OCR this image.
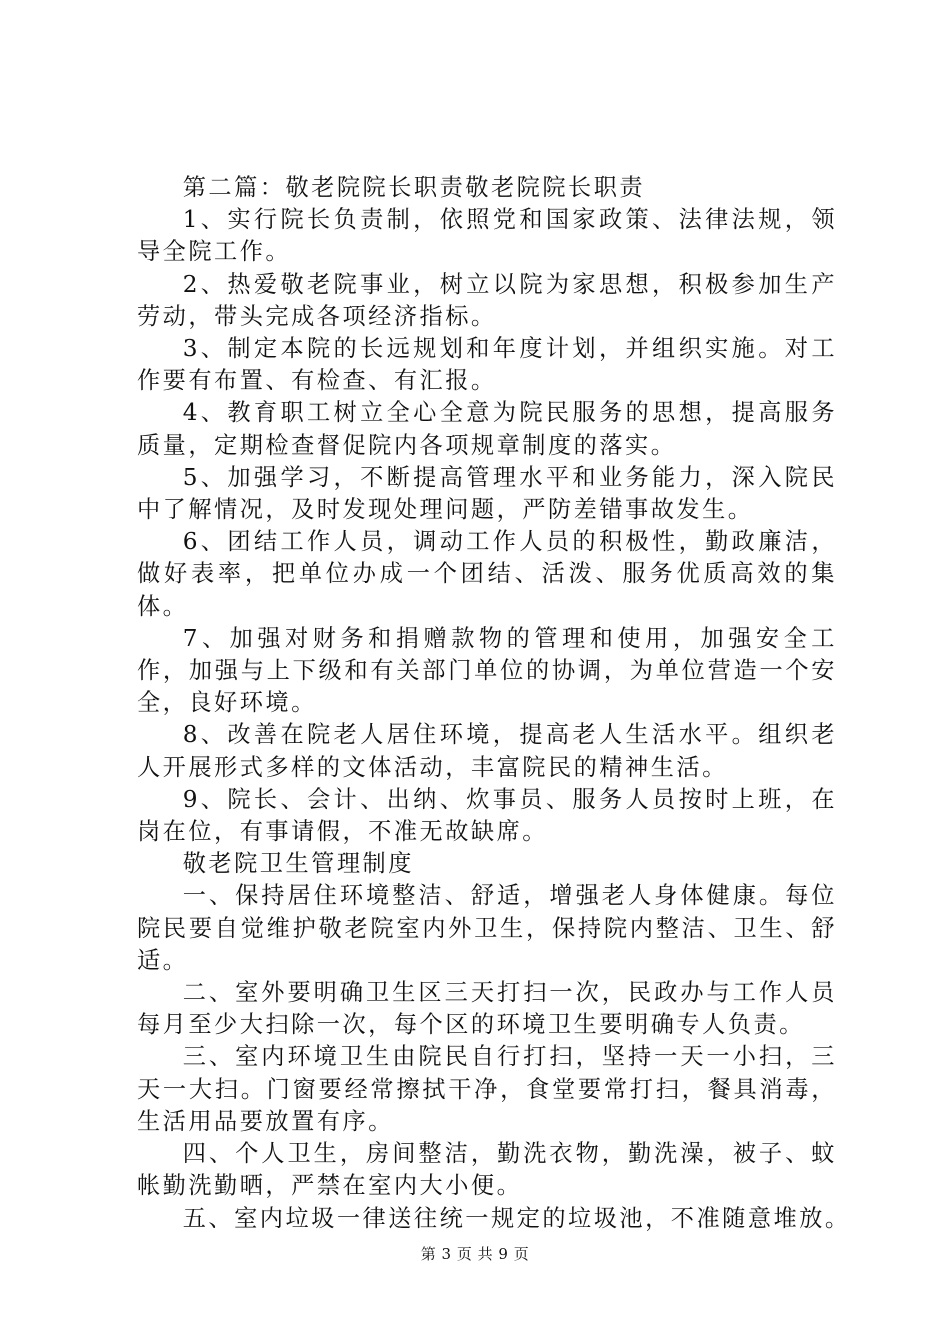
第二篇：敬老院院长职责敬老院院长职责

1、实行院长负责制，依照党和国家政策、法律法规，领导全院工作。

2、热爱敬老院事业，树立以院为家思想，积极参加生产劳动，带头完成各项经济指标。

3、制定本院的长远规划和年度计划，并组织实施。对工作要有布置、有检查、有汇报。

4、教育职工树立全心全意为院民服务的思想，提高服务质量，定期检查督促院内各项规章制度的落实。

5、加强学习，不断提高管理水平和业务能力，深入院民中了解情况，及时发现处理问题，严防差错事故发生。

6、团结工作人员，调动工作人员的积极性，勤政廉洁，做好表率，把单位办成一个团结、活泼、服务优质高效的集体。

7、加强对财务和捐赠款物的管理和使用，加强安全工作，加强与上下级和有关部门单位的协调，为单位营造一个安全，良好环境。

8、改善在院老人居住环境，提高老人生活水平。组织老人开展形式多样的文体活动，丰富院民的精神生活。

9、院长、会计、出纳、炊事员、服务人员按时上班，在岗在位，有事请假，不准无故缺席。

敬老院卫生管理制度

一、保持居住环境整洁、舒适，增强老人身体健康。每位院民要自觉维护敬老院室内外卫生，保持院内整洁、卫生、舒适。

二、室外要明确卫生区三天打扫一次，民政办与工作人员每月至少大扫除一次，每个区的环境卫生要明确专人负责。

三、室内环境卫生由院民自行打扫，坚持一天一小扫，三天一大扫。门窗要经常擦拭干净，食堂要常打扫，餐具消毒，生活用品要放置有序。

四、个人卫生，房间整洁，勤洗衣物，勤洗澡，被子、蚊帐勤洗勤晒，严禁在室内大小便。

五、室内垃圾一律送往统一规定的垃圾池，不准随意堆放。

第 3 页 共 9 页
